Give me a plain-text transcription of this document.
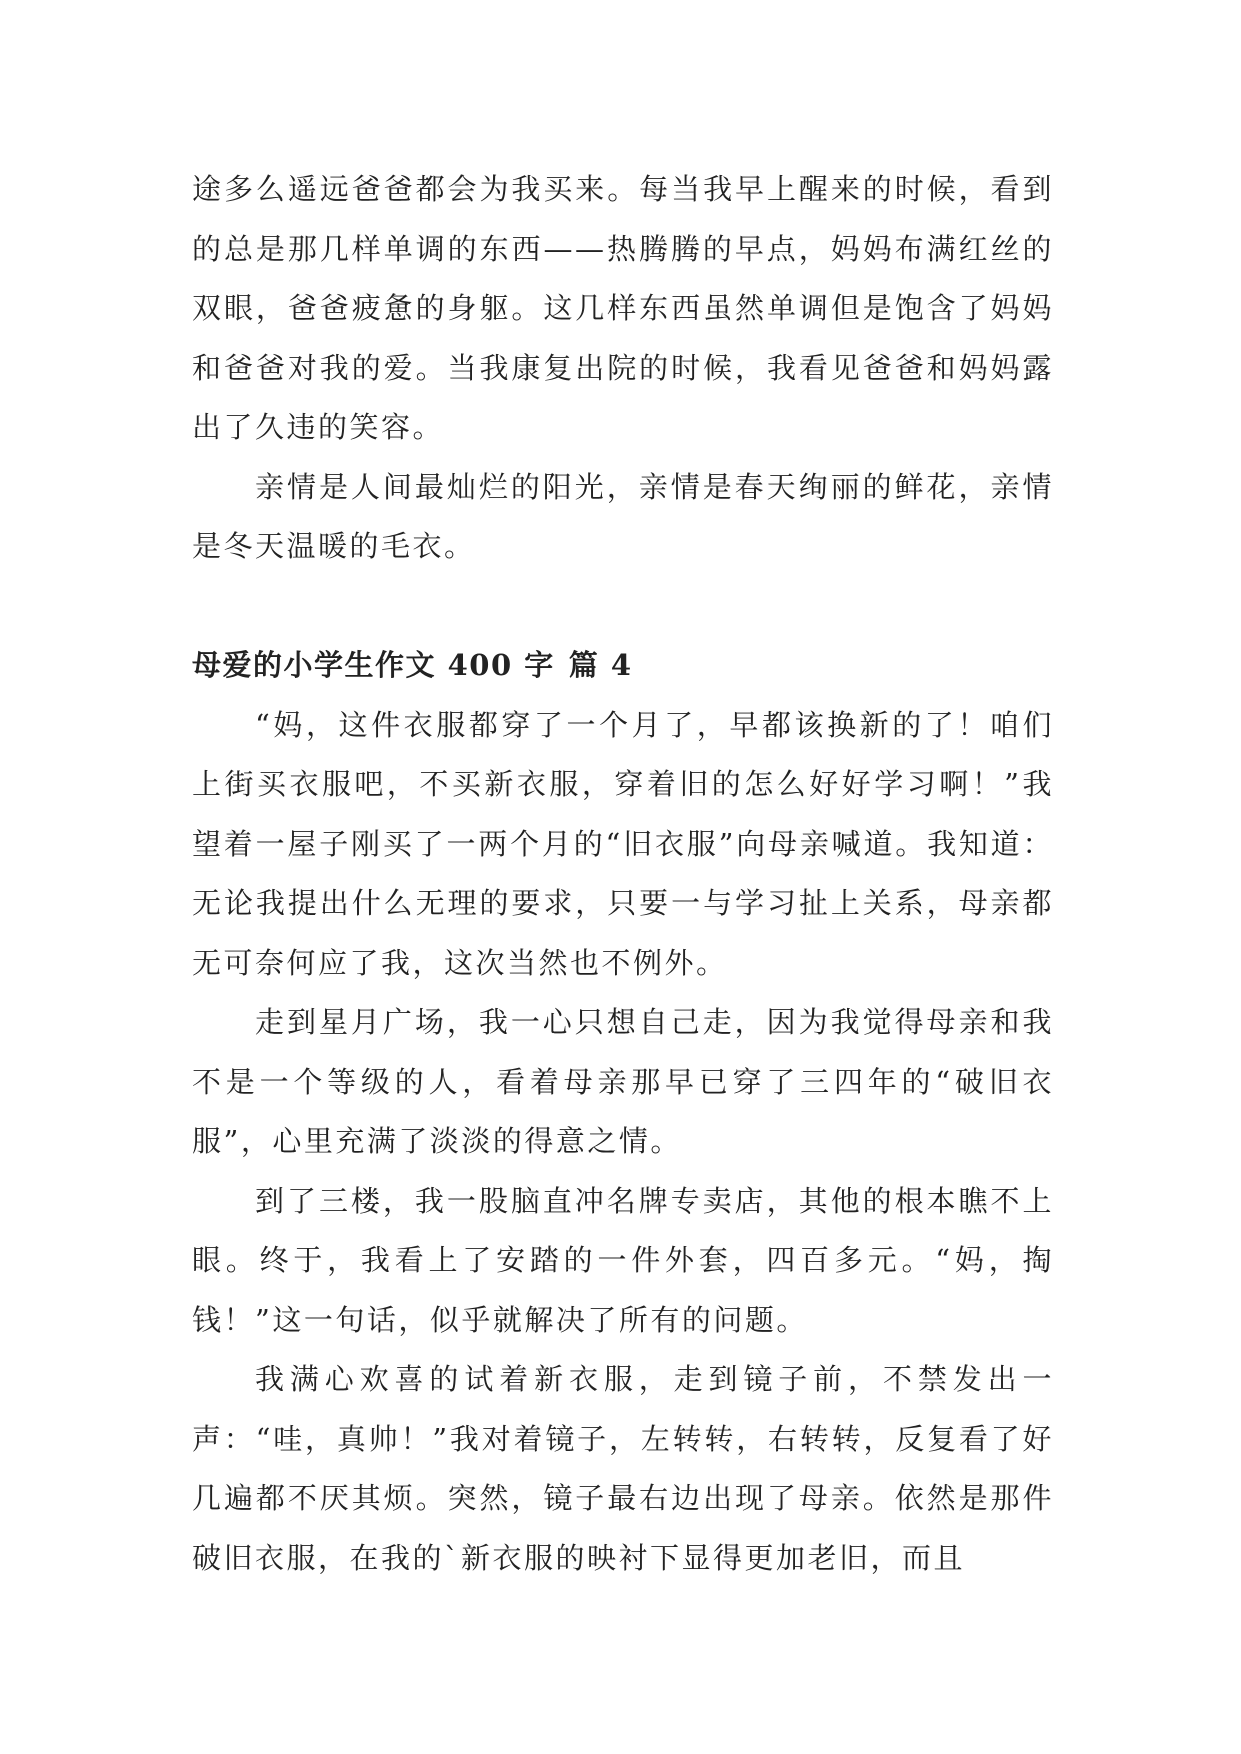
途多么遥远爸爸都会为我买来。每当我早上醒来的时候，看到的总是那几样单调的东西——热腾腾的早点，妈妈布满红丝的双眼，爸爸疲惫的身躯。这几样东西虽然单调但是饱含了妈妈和爸爸对我的爱。当我康复出院的时候，我看见爸爸和妈妈露出了久违的笑容。

亲情是人间最灿烂的阳光，亲情是春天绚丽的鲜花，亲情是冬天温暖的毛衣。

母爱的小学生作文 400 字 篇 4

“妈，这件衣服都穿了一个月了，早都该换新的了！咱们上街买衣服吧，不买新衣服，穿着旧的怎么好好学习啊！”我望着一屋子刚买了一两个月的“旧衣服”向母亲喊道。我知道：无论我提出什么无理的要求，只要一与学习扯上关系，母亲都无可奈何应了我，这次当然也不例外。

走到星月广场，我一心只想自己走，因为我觉得母亲和我不是一个等级的人，看着母亲那早已穿了三四年的“破旧衣服”，心里充满了淡淡的得意之情。

到了三楼，我一股脑直冲名牌专卖店，其他的根本瞧不上眼。终于，我看上了安踏的一件外套，四百多元。“妈，掏钱！”这一句话，似乎就解决了所有的问题。

我满心欢喜的试着新衣服，走到镜子前，不禁发出一声：“哇，真帅！”我对着镜子，左转转，右转转，反复看了好几遍都不厌其烦。突然，镜子最右边出现了母亲。依然是那件破旧衣服，在我的`新衣服的映衬下显得更加老旧，而且
